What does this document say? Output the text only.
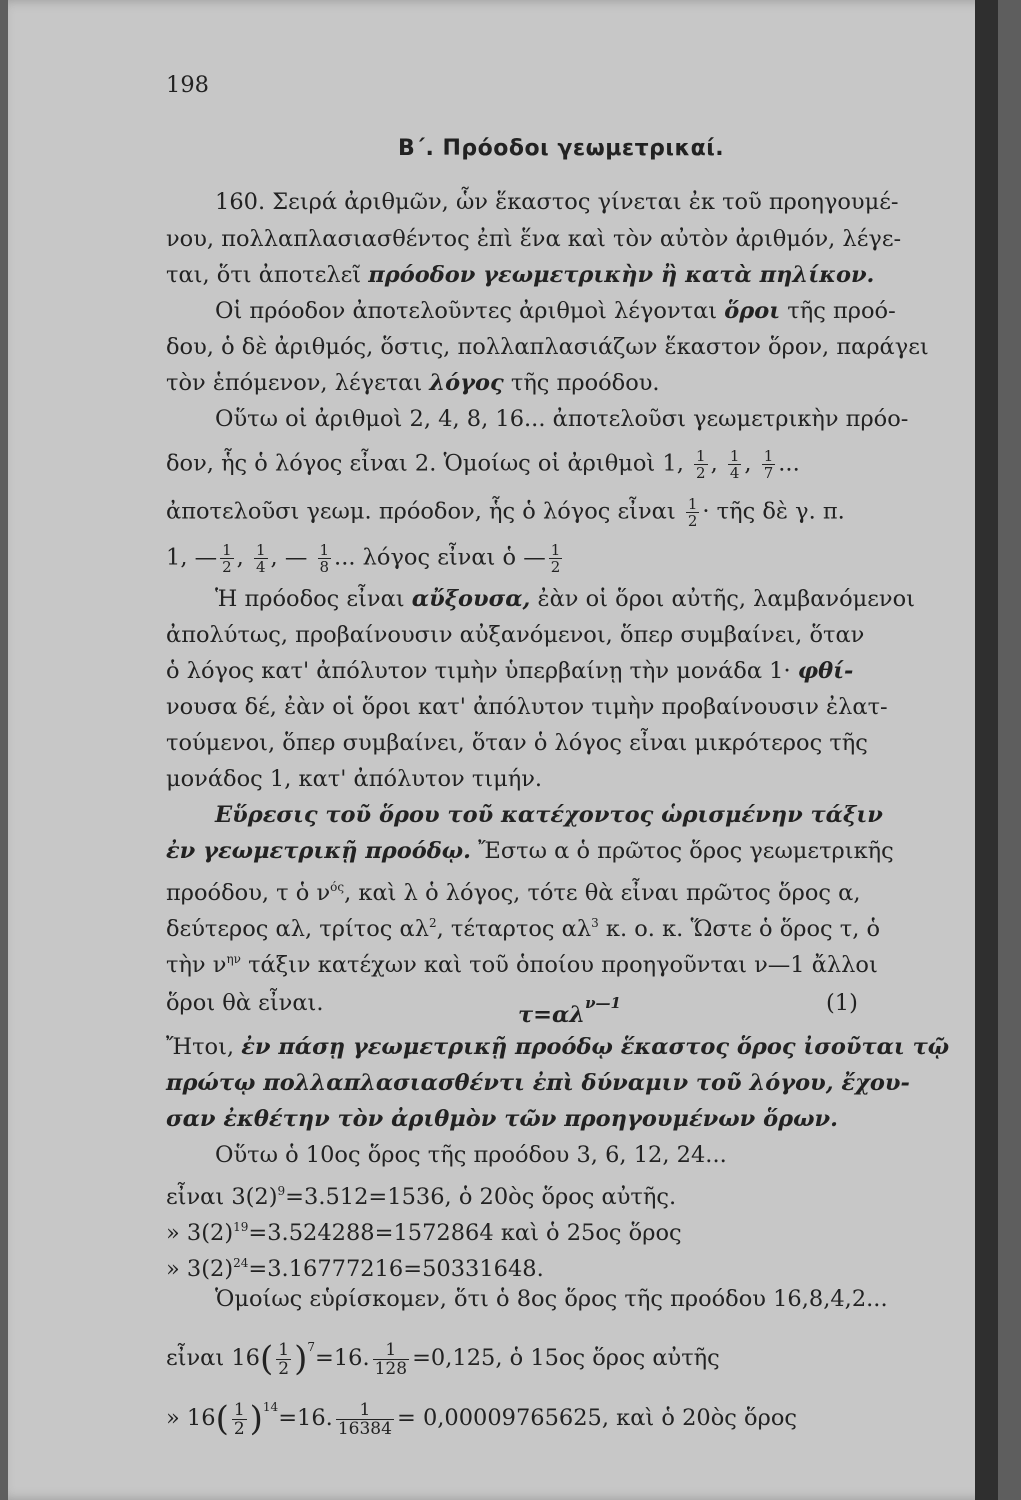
198
B΄. Πρόοδοι γεωμετρικαί.
160. Σειρά ἀριθμῶν, ὧν ἕκαστος γίνεται ἐκ τοῦ προηγουμέ-
νου, πολλαπλασιασθέντος ἐπὶ ἕνα καὶ τὸν αὐτὸν ἀριθμόν, λέγε-
ται, ὅτι ἀποτελεῖ πρόοδον γεωμετρικὴν ἢ κατὰ πηλίκον.
Οἱ πρόοδον ἀποτελοῦντες ἀριθμοὶ λέγονται ὅροι τῆς προό-
δου, ὁ δὲ ἀριθμός, ὅστις, πολλαπλασιάζων ἕκαστον ὅρον, παράγει
τὸν ἑπόμενον, λέγεται λόγος τῆς προόδου.
Οὕτω οἱ ἀριθμοὶ 2, 4, 8, 16... ἀποτελοῦσι γεωμετρικὴν πρόο-
δον, ἧς ὁ λόγος εἶναι 2. Ὁμοίως οἱ ἀριθμοὶ 1, $\frac{1}{2}$ , $\frac{1}{4}$ , $\frac{1}{7}$ ...
ἀποτελοῦσι γεωμ. πρόοδον, ἧς ὁ λόγος εἶναι $\frac{1}{2}$ · τῆς δὲ γ. π.
1, — $\frac{1}{2}$ , $\frac{1}{4}$ , — $\frac{1}{8}$ ... λόγος εἶναι ὁ — $\frac{1}{2}$
Ἡ πρόοδος εἶναι αὔξουσα, ἐὰν οἱ ὅροι αὐτῆς, λαμβανόμενοι
ἀπολύτως, προβαίνουσιν αὐξανόμενοι, ὅπερ συμβαίνει, ὅταν
ὁ λόγος κατ' ἀπόλυτον τιμὴν ὑπερβαίνῃ τὴν μονάδα 1· φθί-
νουσα δέ, ἐὰν οἱ ὅροι κατ' ἀπόλυτον τιμὴν προβαίνουσιν ἐλατ-
τούμενοι, ὅπερ συμβαίνει, ὅταν ὁ λόγος εἶναι μικρότερος τῆς
μονάδος 1, κατ' ἀπόλυτον τιμήν.
Εὕρεσις τοῦ ὅρου τοῦ κατέχοντος ὡρισμένην τάξιν
ἐν γεωμετρικῇ προόδῳ. Ἔστω α ὁ πρῶτος ὅρος γεωμετρικῆς
προόδου, τ ὁ $\nu^{ό\varsigma}$, καὶ λ ὁ λόγος, τότε θὰ εἶναι πρῶτος ὅρος α,
δεύτερος αλ, τρίτος $\alpha\lambda^2$, τέταρτος $\alpha\lambda^3$ κ. ο. κ. Ὥστε ὁ ὅρος τ, ὁ
τὴν $\nu^{\eta\nu}$ τάξιν κατέχων καὶ τοῦ ὁποίου προηγοῦνται ν—1 ἄλλοι
ὅροι θὰ εἶναι.	$\tau=\alpha\lambda^{\nu—1}$	(1)
Ἤτοι, ἐν πάσῃ γεωμετρικῇ προόδῳ ἕκαστος ὅρος ἰσοῦται τῷ
πρώτῳ πολλαπλασιασθέντι ἐπὶ δύναμιν τοῦ λόγου, ἔχου-
σαν ἐκθέτην τὸν ἀριθμὸν τῶν προηγουμένων ὅρων.
Οὕτω ὁ 10ος ὅρος τῆς προόδου 3, 6, 12, 24...
εἶναι $3(2)^9=3.512=1536$, ὁ 20ὸς ὅρος αὐτῆς.
» $3(2)^{19}=3.524288=1572864$ καὶ ὁ 25ος ὅρος
» $3(2)^{24}=3.16777216=50331648$.
Ὁμοίως εὑρίσκομεν, ὅτι ὁ 8ος ὅρος τῆς προόδου 16,8,4,2...
εἶναι $16( \frac{1}{2} )^7=16$. $\frac{1}{128} =0,125$, ὁ 15ος ὅρος αὐτῆς
» $16( \frac{1}{2} )^{14}=16$. $\frac{1}{16384} = 0,00009765625$, καὶ ὁ 20ὸς ὅρος
